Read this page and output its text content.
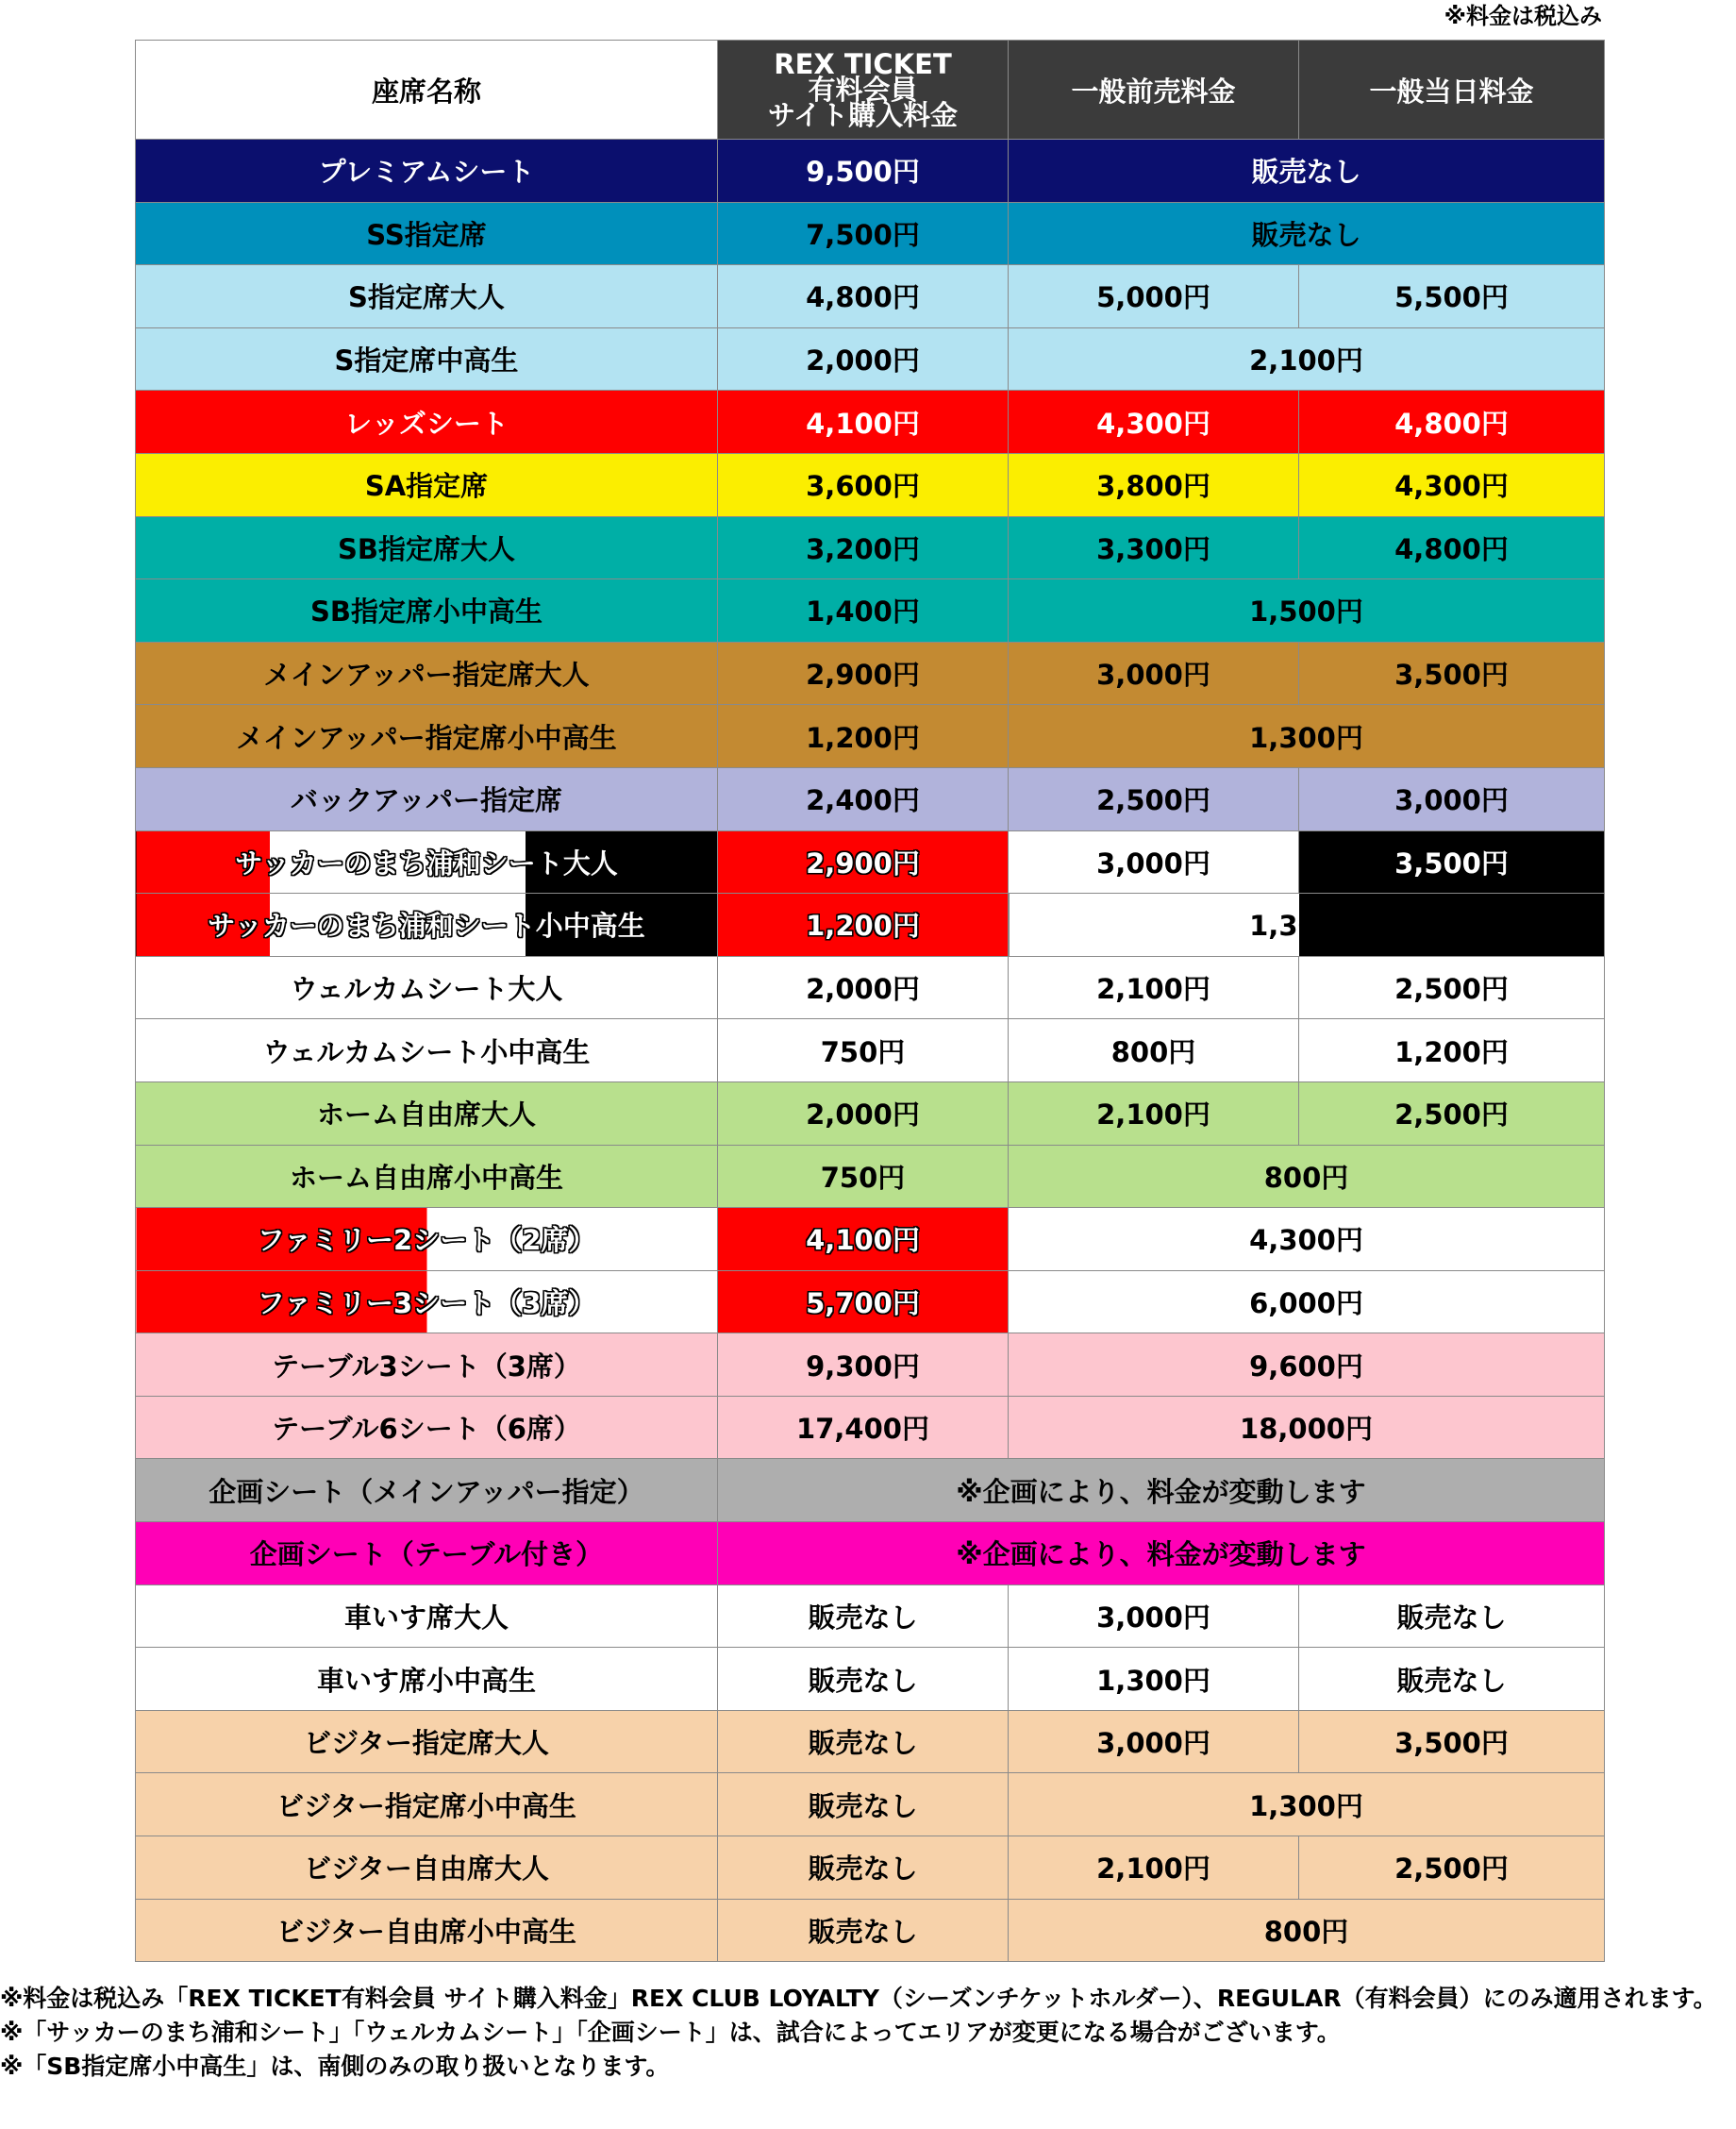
※料金は税込み
座席名称	REX TICKET
有料会員
サイト購入料金	一般前売料金	一般当日料金
プレミアムシート	9,500円	販売なし	
SS指定席	7,500円	販売なし	
S指定席大人	4,800円	5,000円	5,500円
S指定席中高生	2,000円	2,100円	
レッズシート	4,100円	4,300円	4,800円
SA指定席	3,600円	3,800円	4,300円
SB指定席大人	3,200円	3,300円	4,800円
SB指定席小中高生	1,400円	1,500円	
メインアッパー指定席大人	2,900円	3,000円	3,500円
メインアッパー指定席小中高生	1,200円	1,300円	
バックアッパー指定席	2,400円	2,500円	3,000円
サッカーのまち浦和シート大人	2,900円	3,000円	3,500円
サッカーのまち浦和シート小中高生	1,200円	1,300円	
ウェルカムシート大人	2,000円	2,100円	2,500円
ウェルカムシート小中高生	750円	800円	1,200円
ホーム自由席大人	2,000円	2,100円	2,500円
ホーム自由席小中高生	750円	800円	
ファミリー2シート（2席）	4,100円	4,300円	
ファミリー3シート（3席）	5,700円	6,000円	
テーブル3シート（3席）	9,300円	9,600円	
テーブル6シート（6席）	17,400円	18,000円	
企画シート（メインアッパー指定）	※企画により、料金が変動します		
企画シート（テーブル付き）	※企画により、料金が変動します		
車いす席大人	販売なし	3,000円	販売なし
車いす席小中高生	販売なし	1,300円	販売なし
ビジター指定席大人	販売なし	3,000円	3,500円
ビジター指定席小中高生	販売なし	1,300円	
ビジター自由席大人	販売なし	2,100円	2,500円
ビジター自由席小中高生	販売なし	800円	

※料金は税込み「REX TICKET有料会員 サイト購入料金」REX CLUB LOYALTY（シーズンチケットホルダー）、REGULAR（有料会員）にのみ適用されます。

※「サッカーのまち浦和シート」「ウェルカムシート」「企画シート」は、試合によってエリアが変更になる場合がございます。

※「SB指定席小中高生」は、南側のみの取り扱いとなります。
